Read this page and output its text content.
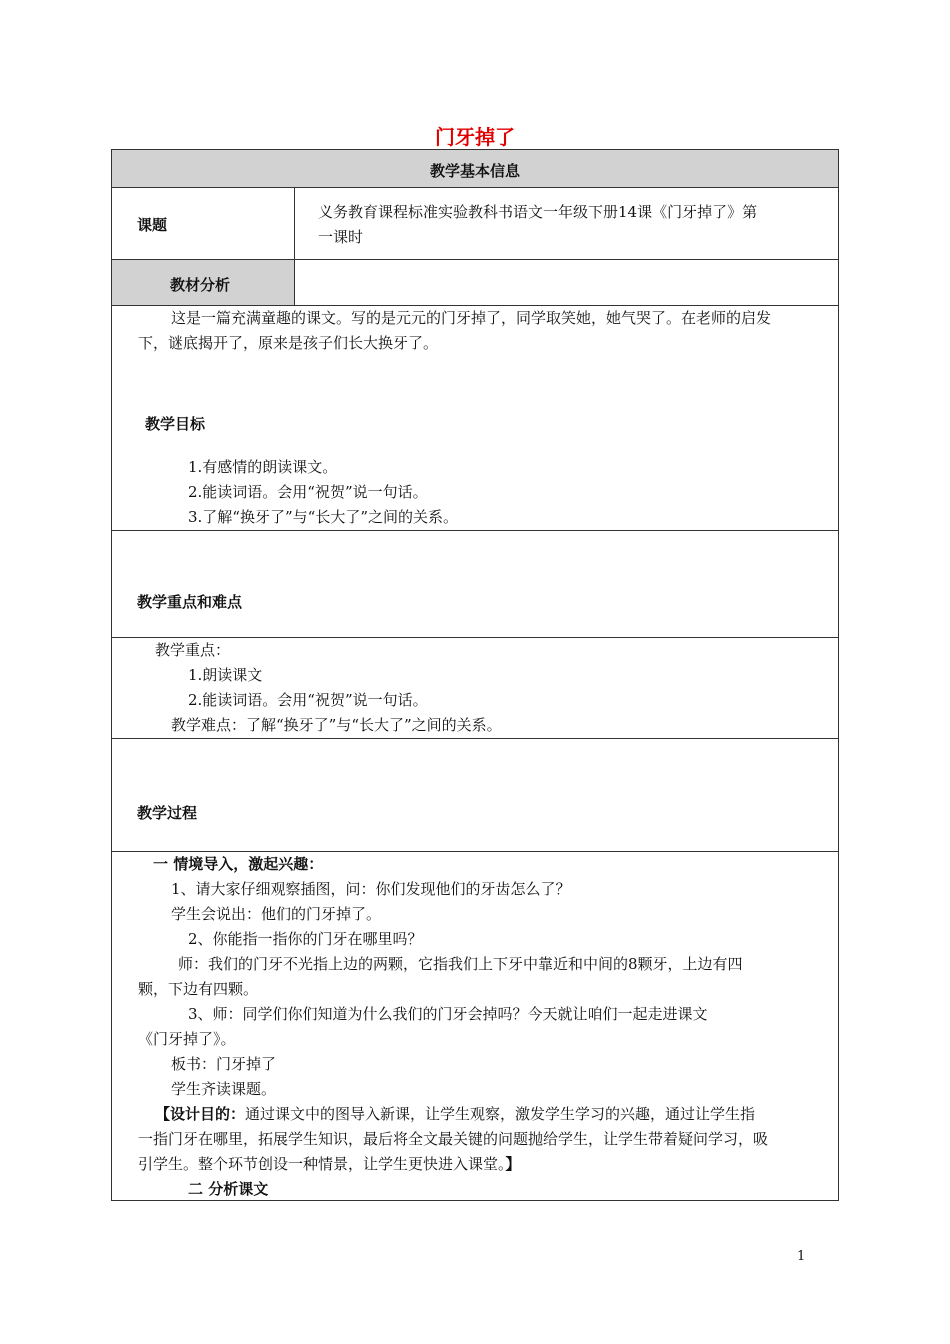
门牙掉了
教学基本信息
课题
义务教育课程标准实验教科书语文一年级下册14课《门牙掉了》第
一课时
教材分析
这是一篇充满童趣的课文。写的是元元的门牙掉了，同学取笑她，她气哭了。在老师的启发
下，谜底揭开了，原来是孩子们长大换牙了。
教学目标
1.有感情的朗读课文。
2.能读词语。会用“祝贺”说一句话。
3.了解“换牙了”与“长大了”之间的关系。
教学重点和难点
教学重点：
1.朗读课文
2.能读词语。会用“祝贺”说一句话。
教学难点：了解“换牙了”与“长大了”之间的关系。
教学过程
一 情境导入，激起兴趣：
1、请大家仔细观察插图，问：你们发现他们的牙齿怎么了？
学生会说出：他们的门牙掉了。
2、你能指一指你的门牙在哪里吗？
师：我们的门牙不光指上边的两颗，它指我们上下牙中靠近和中间的8颗牙，上边有四
颗，下边有四颗。
3、师：同学们你们知道为什么我们的门牙会掉吗？今天就让咱们一起走进课文
《门牙掉了》。
板书：门牙掉了
学生齐读课题。
【设计目的：通过课文中的图导入新课，让学生观察，激发学生学习的兴趣，通过让学生指
一指门牙在哪里，拓展学生知识，最后将全文最关键的问题抛给学生，让学生带着疑问学习，吸
引学生。整个环节创设一种情景，让学生更快进入课堂。】
二 分析课文
1
